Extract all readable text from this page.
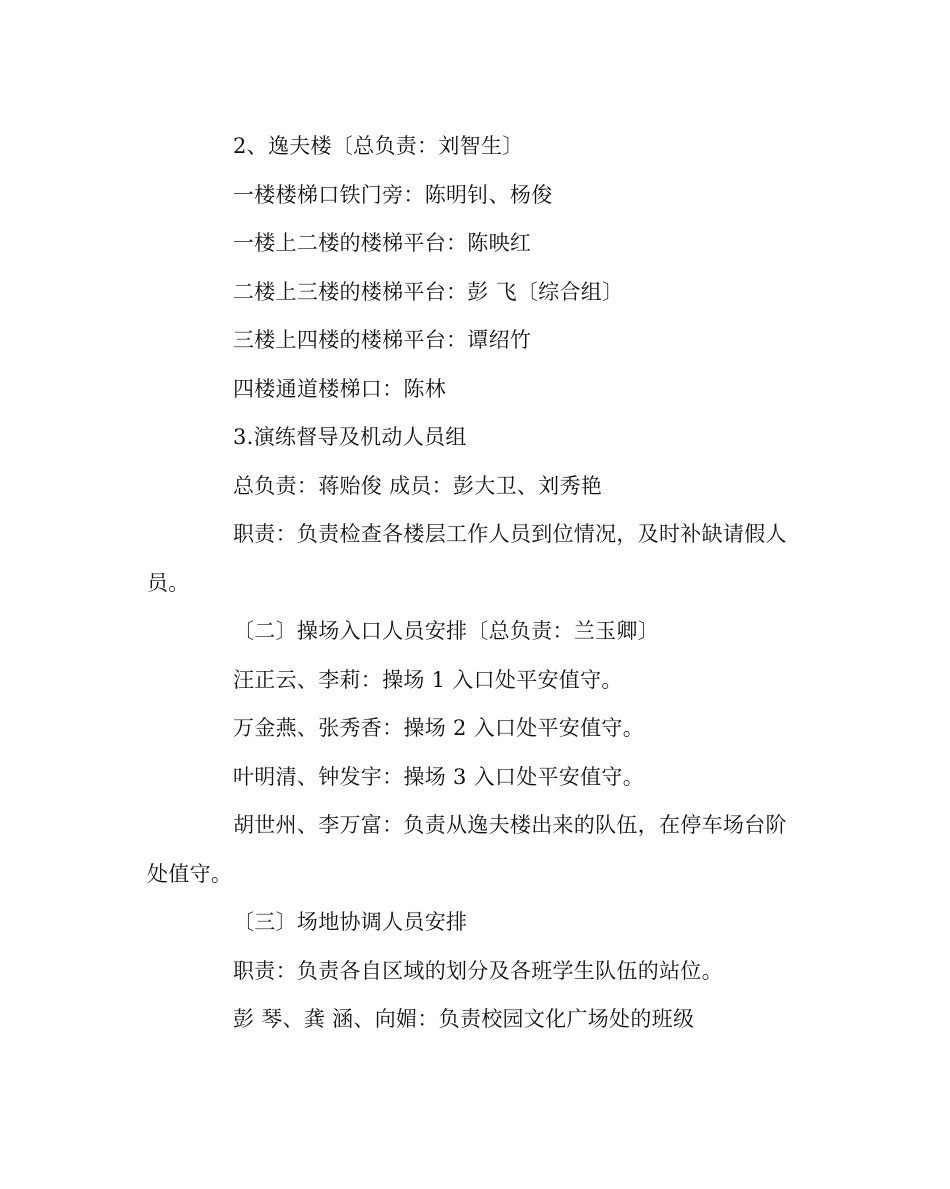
2、逸夫楼〔总负责：刘智生〕
一楼楼梯口铁门旁：陈明钊、杨俊
一楼上二楼的楼梯平台：陈映红
二楼上三楼的楼梯平台：彭 飞〔综合组〕
三楼上四楼的楼梯平台：谭绍竹
四楼通道楼梯口：陈林
3.演练督导及机动人员组
总负责：蒋贻俊 成员：彭大卫、刘秀艳
职责：负责检查各楼层工作人员到位情况，及时补缺请假人
员。
〔二〕操场入口人员安排〔总负责：兰玉卿〕
汪正云、李莉：操场 1 入口处平安值守。
万金燕、张秀香：操场 2 入口处平安值守。
叶明清、钟发宇：操场 3 入口处平安值守。
胡世州、李万富：负责从逸夫楼出来的队伍，在停车场台阶
处值守。
〔三〕场地协调人员安排
职责：负责各自区域的划分及各班学生队伍的站位。
彭 琴、龚 涵、向媚：负责校园文化广场处的班级
